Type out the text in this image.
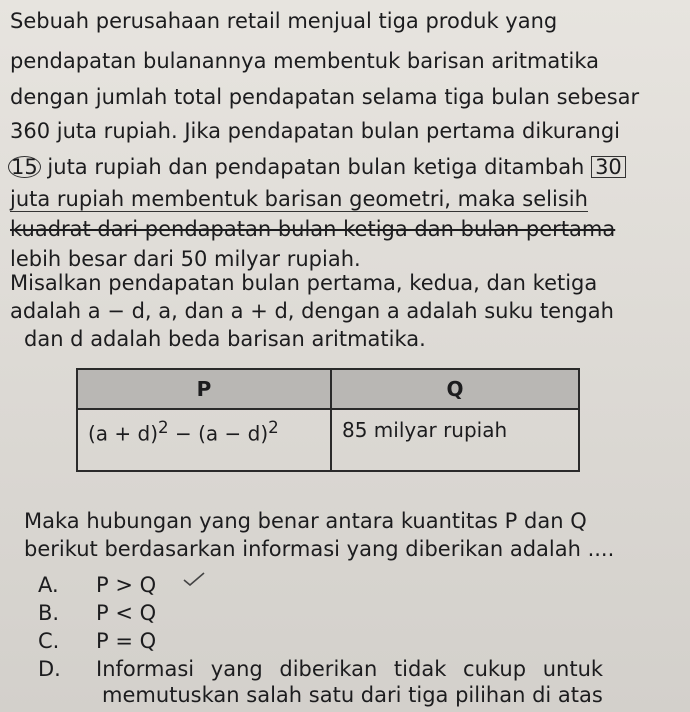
Sebuah perusahaan retail menjual tiga produk yang
pendapatan bulanannya membentuk barisan aritmatika
dengan jumlah total pendapatan selama tiga bulan sebesar
360 juta rupiah. Jika pendapatan bulan pertama dikurangi
15 juta rupiah dan pendapatan bulan ketiga ditambah 30
juta rupiah membentuk barisan geometri, maka selisih
kuadrat dari pendapatan bulan ketiga dan bulan pertama
lebih besar dari 50 milyar rupiah.
Misalkan pendapatan bulan pertama, kedua, dan ketiga
adalah a − d, a, dan a + d, dengan a adalah suku tengah
dan d adalah beda barisan aritmatika.
P	Q
$(a + d)^2 - (a - d)^2$	85 milyar rupiah
Maka hubungan yang benar antara kuantitas P dan Q
berikut berdasarkan informasi yang diberikan adalah ....
A. P > Q
B. P < Q
C. P = Q
D.	Informasi yang diberikan tidak cukup untuk
memutuskan salah satu dari tiga pilihan di atas
